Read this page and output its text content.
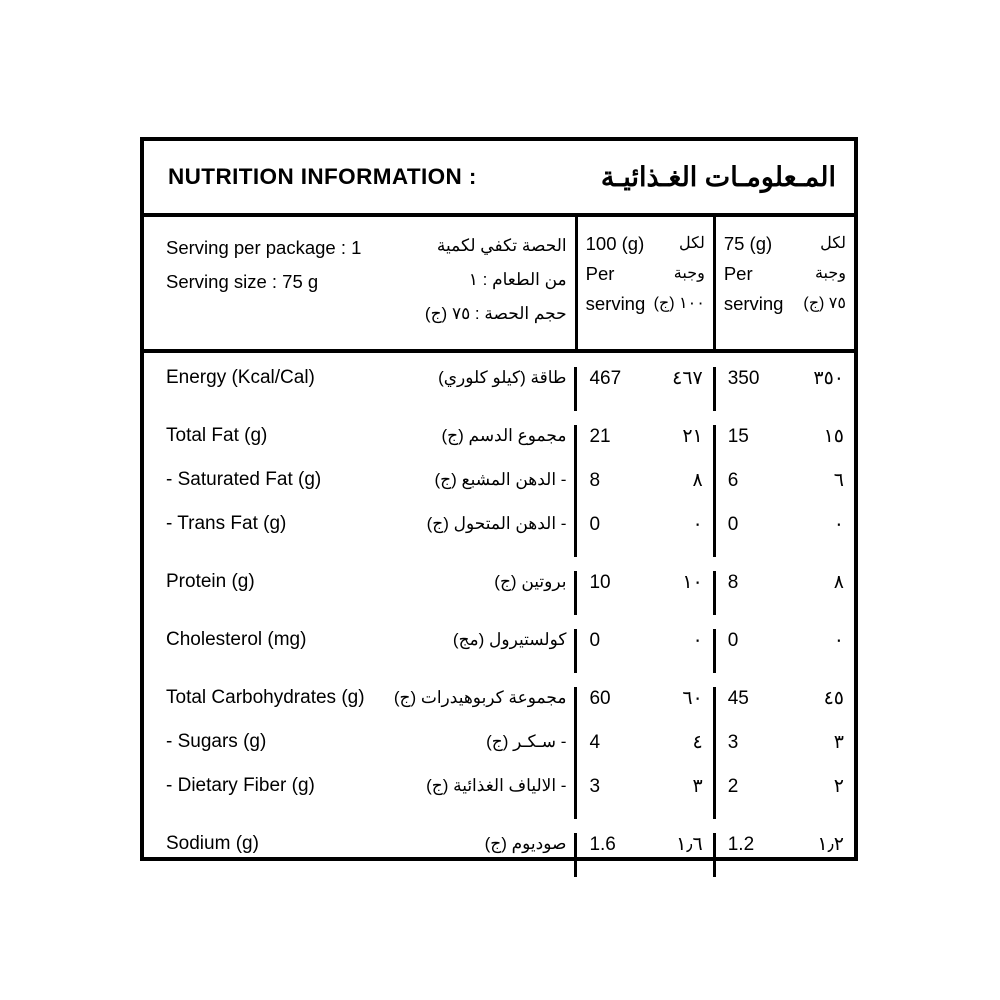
NUTRITION INFORMATION :	المـعلومـات الغـذائيـة
Serving per package : 1
Serving size : 75 g
الحصة تكفي لكمية
من الطعام : ١
حجم الحصة : ٧٥ (ج)
100 (g)
Per
serving
لكل
وجبة
١٠٠ (ج)
75 (g)
Per
serving
لكل
وجبة
٧٥ (ج)
Energy (Kcal/Cal)	طاقة (كيلو كلوري) 467	٤٦٧ 350	٣٥٠
Total Fat (g)	مجموع الدسم (ج) 21	٢١ 15	١٥
- Saturated Fat (g)	- الدهن المشبع (ج) 8	٨ 6	٦
- Trans Fat (g)	- الدهن المتحول (ج) 0	٠ 0	٠
Protein (g)	بروتين (ج) 10	١٠ 8	٨
Cholesterol (mg)	كولستيرول (مج) 0	٠ 0	٠
Total Carbohydrates (g) مجموعة كربوهيدرات (ج) 60	٦٠ 45	٤٥
- Sugars (g)	- سـكـر (ج) 4	٤ 3	٣
- Dietary Fiber (g)	- الالياف الغذائية (ج) 3	٣ 2	٢
Sodium (g)	صوديوم (ج) 1.6	١٫٦ 1.2	١٫٢
